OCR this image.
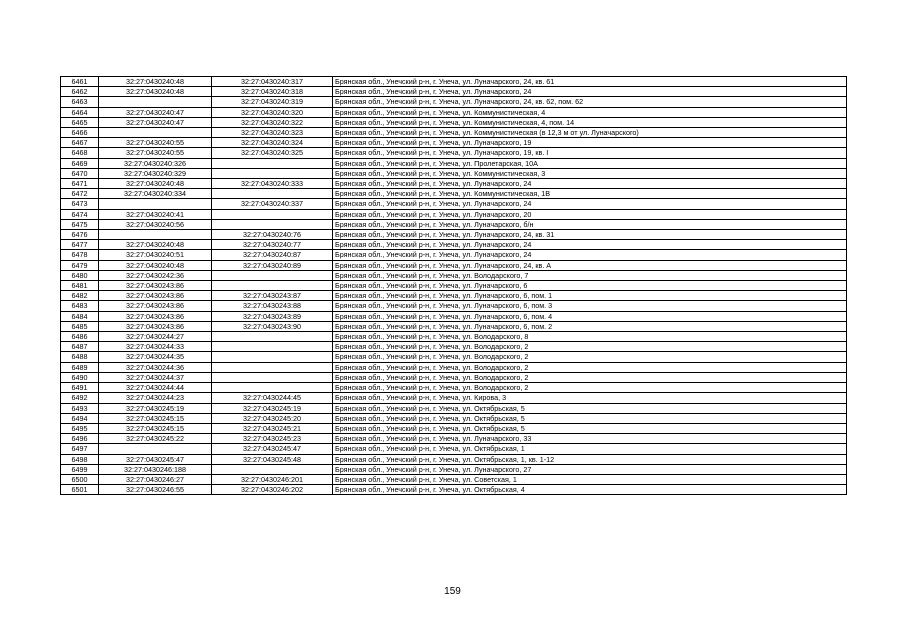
6461	32:27:0430240:48	32:27:0430240:317	Брянская обл., Унечский р-н, г. Унеча, ул. Луначарского, 24, кв. 61
6462	32:27:0430240:48	32:27:0430240:318	Брянская обл., Унечский р-н, г. Унеча, ул. Луначарского, 24
6463		32:27:0430240:319	Брянская обл., Унечский р-н, г. Унеча, ул. Луначарского, 24, кв. 62, пом. 62
6464	32:27:0430240:47	32:27:0430240:320	Брянская обл., Унечский р-н, г. Унеча, ул. Коммунистическая, 4
6465	32:27:0430240:47	32:27:0430240:322	Брянская обл., Унечский р-н, г. Унеча, ул. Коммунистическая, 4, пом. 14
6466		32:27:0430240:323	Брянская обл., Унечский р-н, г. Унеча, ул. Коммунистическая (в 12,3 м от ул. Луначарского)
6467	32:27:0430240:55	32:27:0430240:324	Брянская обл., Унечский р-н, г. Унеча, ул. Луначарского, 19
6468	32:27:0430240:55	32:27:0430240:325	Брянская обл., Унечский р-н, г. Унеча, ул. Луначарского, 19, кв. I
6469	32:27:0430240:326		Брянская обл., Унечский р-н, г. Унеча, ул. Пролетарская, 10А
6470	32:27:0430240:329		Брянская обл., Унечский р-н, г. Унеча, ул. Коммунистическая, 3
6471	32:27:0430240:48	32:27:0430240:333	Брянская обл., Унечский р-н, г. Унеча, ул. Луначарского, 24
6472	32:27:0430240:334		Брянская обл., Унечский р-н, г. Унеча, ул. Коммунистическая, 1В
6473		32:27:0430240:337	Брянская обл., Унечский р-н, г. Унеча, ул. Луначарского, 24
6474	32:27:0430240:41		Брянская обл., Унечский р-н, г. Унеча, ул. Луначарского, 20
6475	32:27:0430240:56		Брянская обл., Унечский р-н, г. Унеча, ул. Луначарского, б/н
6476		32:27:0430240:76	Брянская обл., Унечский р-н, г. Унеча, ул. Луначарского, 24, кв. 31
6477	32:27:0430240:48	32:27:0430240:77	Брянская обл., Унечский р-н, г. Унеча, ул. Луначарского, 24
6478	32:27:0430240:51	32:27:0430240:87	Брянская обл., Унечский р-н, г. Унеча, ул. Луначарского, 24
6479	32:27:0430240:48	32:27:0430240:89	Брянская обл., Унечский р-н, г. Унеча, ул. Луначарского, 24, кв. А
6480	32:27:0430242:36		Брянская обл., Унечский р-н, г. Унеча, ул. Володарского, 7
6481	32:27:0430243:86		Брянская обл., Унечский р-н, г. Унеча, ул. Луначарского, 6
6482	32:27:0430243:86	32:27:0430243:87	Брянская обл., Унечский р-н, г. Унеча, ул. Луначарского, 6, пом. 1
6483	32:27:0430243:86	32:27:0430243:88	Брянская обл., Унечский р-н, г. Унеча, ул. Луначарского, 6, пом. 3
6484	32:27:0430243:86	32:27:0430243:89	Брянская обл., Унечский р-н, г. Унеча, ул. Луначарского, 6, пом. 4
6485	32:27:0430243:86	32:27:0430243:90	Брянская обл., Унечский р-н, г. Унеча, ул. Луначарского, 6, пом. 2
6486	32:27:0430244:27		Брянская обл., Унечский р-н, г. Унеча, ул. Володарского, 8
6487	32:27:0430244:33		Брянская обл., Унечский р-н, г. Унеча, ул. Володарского, 2
6488	32:27:0430244:35		Брянская обл., Унечский р-н, г. Унеча, ул. Володарского, 2
6489	32:27:0430244:36		Брянская обл., Унечский р-н, г. Унеча, ул. Володарского, 2
6490	32:27:0430244:37		Брянская обл., Унечский р-н, г. Унеча, ул. Володарского, 2
6491	32:27:0430244:44		Брянская обл., Унечский р-н, г. Унеча, ул. Володарского, 2
6492	32:27:0430244:23	32:27:0430244:45	Брянская обл., Унечский р-н, г. Унеча, ул. Кирова, 3
6493	32:27:0430245:19	32:27:0430245:19	Брянская обл., Унечский р-н, г. Унеча, ул. Октябрьская, 5
6494	32:27:0430245:15	32:27:0430245:20	Брянская обл., Унечский р-н, г. Унеча, ул. Октябрьская, 5
6495	32:27:0430245:15	32:27:0430245:21	Брянская обл., Унечский р-н, г. Унеча, ул. Октябрьская, 5
6496	32:27:0430245:22	32:27:0430245:23	Брянская обл., Унечский р-н, г. Унеча, ул. Луначарского, 33
6497		32:27:0430245:47	Брянская обл., Унечский р-н, г. Унеча, ул. Октябрьская, 1
6498	32:27:0430245:47	32:27:0430245:48	Брянская обл., Унечский р-н, г. Унеча, ул. Октябрьская, 1, кв. 1-12
6499	32:27:0430246:188		Брянская обл., Унечский р-н, г. Унеча, ул. Луначарского, 27
6500	32:27:0430246:27	32:27:0430246:201	Брянская обл., Унечский р-н, г. Унеча, ул. Советская, 1
6501	32:27:0430246:55	32:27:0430246:202	Брянская обл., Унечский р-н, г. Унеча, ул. Октябрьская, 4
159
